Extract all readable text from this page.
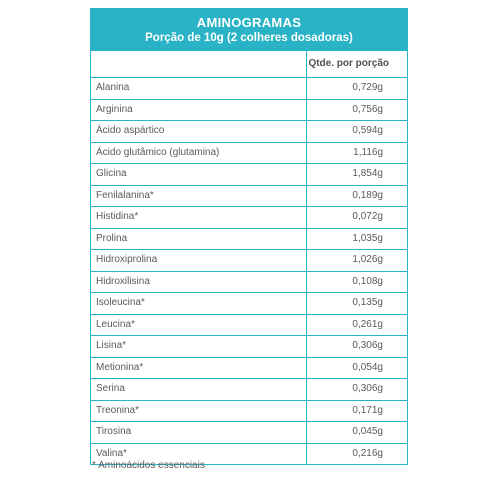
AMINOGRAMAS
Porção de 10g (2 colheres dosadoras)
Qtde. por porção
Alanina	0,729g
Arginina	0,756g
Ácido aspártico	0,594g
Ácido glutâmico (glutamina)	1,116g
Glicina	1,854g
Fenilalanina*	0,189g
Histidina*	0,072g
Prolina	1,035g
Hidroxiprolina	1,026g
Hidroxilisina	0,108g
Isoleucina*	0,135g
Leucina*	0,261g
Lisina*	0,306g
Metionina*	0,054g
Serina	0,306g
Treonina*	0,171g
Tirosina	0,045g
Valina*	0,216g
* Aminoácidos essenciais
